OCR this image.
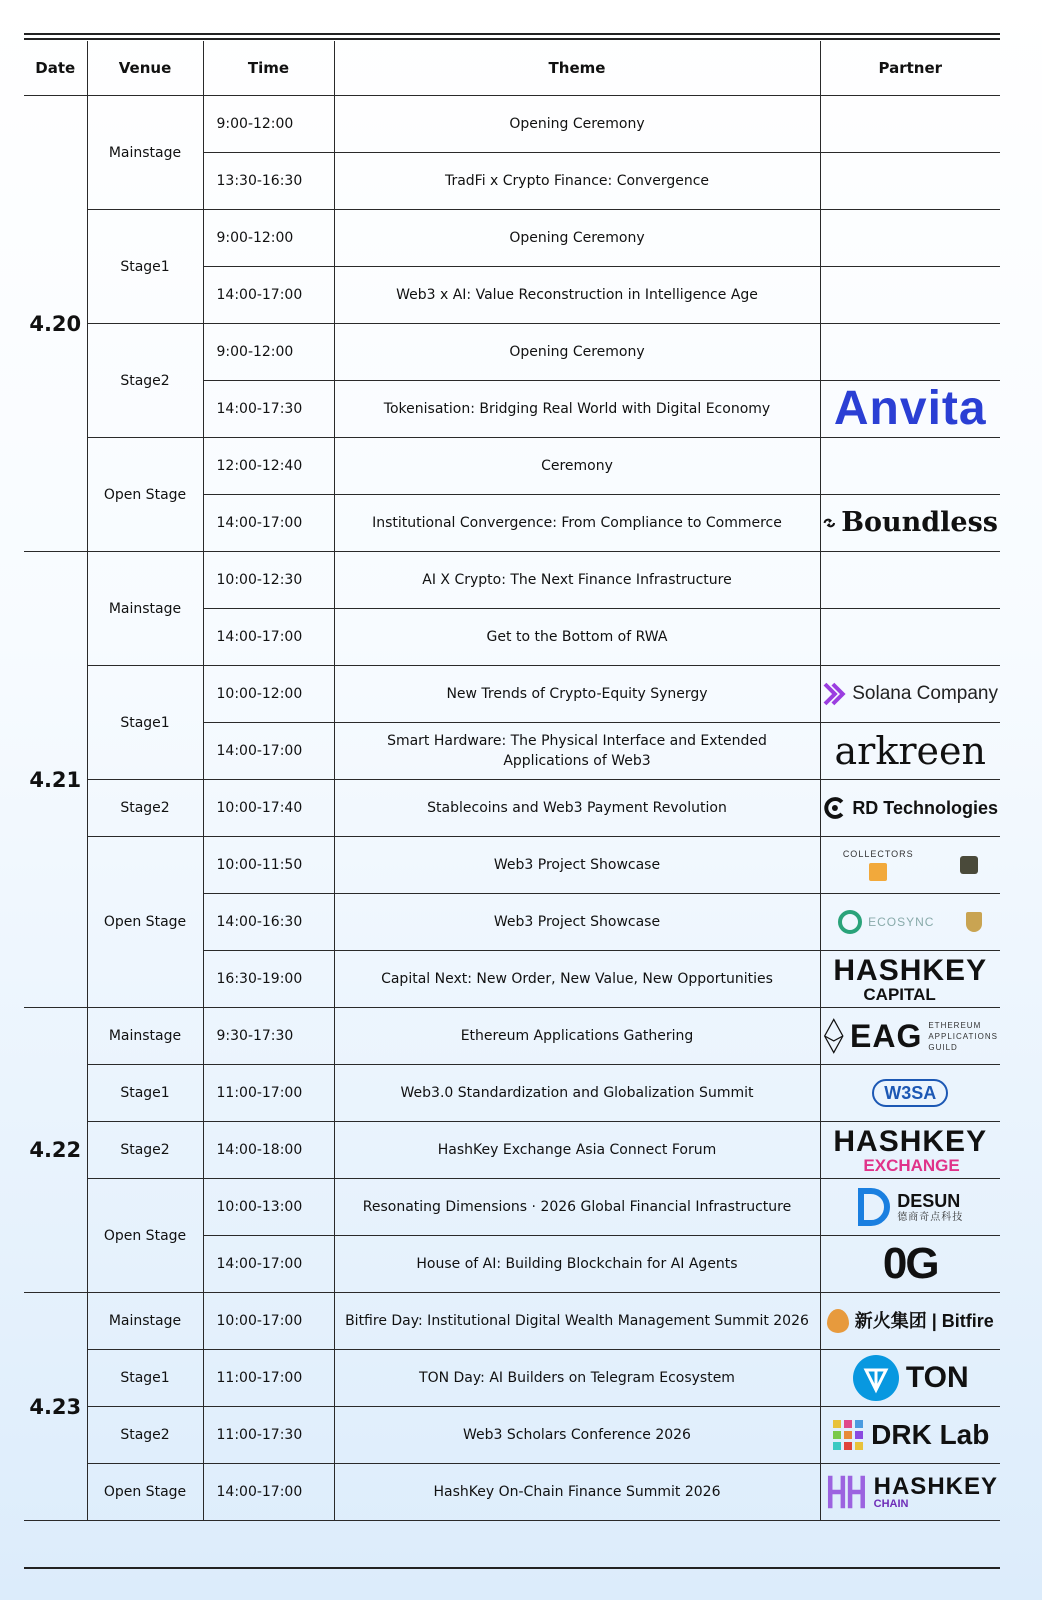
Date	Venue	Time	Theme	Partner
4.20	Mainstage	9:00-12:00	Opening Ceremony	
		13:30-16:30	TradFi x Crypto Finance: Convergence	
	Stage1	9:00-12:00	Opening Ceremony	
		14:00-17:00	Web3 x AI: Value Reconstruction in Intelligence Age	
	Stage2	9:00-12:00	Opening Ceremony	
		14:00-17:30	Tokenisation: Bridging Real World with Digital Economy	Anvita

	Open Stage	12:00-12:40	Ceremony	
		14:00-17:00	Institutional Convergence: From Compliance to Commerce	Boundless

4.21	Mainstage	10:00-12:30	AI X Crypto: The Next Finance Infrastructure	
		14:00-17:00	Get to the Bottom of RWA	
	Stage1	10:00-12:00	New Trends of Crypto-Equity Synergy	Solana Company

		14:00-17:00	Smart Hardware: The Physical Interface and Extended Applications of Web3	arkreen

	Stage2	10:00-17:40	Stablecoins and Web3 Payment Revolution	RD Technologies

	Open Stage	10:00-11:50	Web3 Project Showcase	COLLECTORS

		14:00-16:30	Web3 Project Showcase	ECOSYNC

		16:30-19:00	Capital Next: New Order, New Value, New Opportunities	HASHKEY
CAPITAL

4.22	Mainstage	9:30-17:30	Ethereum Applications Gathering	EAG ETHEREUM APPLICATIONS GUILD

	Stage1	11:00-17:00	Web3.0 Standardization and Globalization Summit	W3SA

	Stage2	14:00-18:00	HashKey Exchange Asia Connect Forum	HASHKEY
EXCHANGE

	Open Stage	10:00-13:00	Resonating Dimensions · 2026 Global Financial Infrastructure	DESUN
德商奇点科技

		14:00-17:00	House of AI: Building Blockchain for AI Agents	0G

4.23	Mainstage	10:00-17:00	Bitfire Day: Institutional Digital Wealth Management Summit 2026	新火集团 | Bitfire

	Stage1	11:00-17:00	TON Day: AI Builders on Telegram Ecosystem	TON

	Stage2	11:00-17:30	Web3 Scholars Conference 2026	DRK Lab

	Open Stage	14:00-17:00	HashKey On-Chain Finance Summit 2026	HASHKEY
CHAIN
